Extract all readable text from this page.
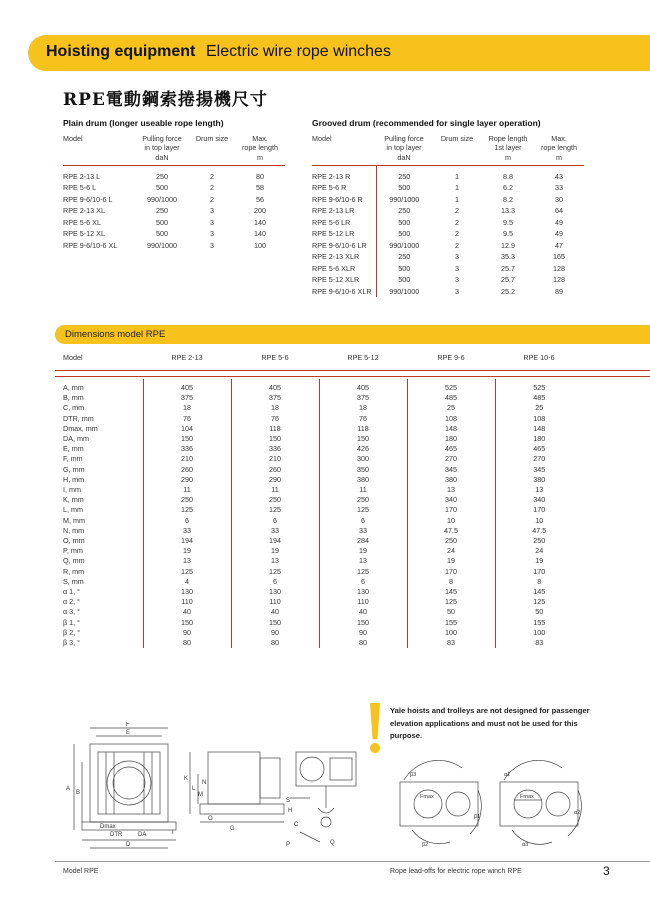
Hoisting equipment Electric wire rope winches
RPE電動鋼索捲揚機尺寸
Plain drum (longer useable rope length)
Model	Pulling force
in top layer
daN	Drum size	Max.
rope length
m
RPE 2-13 L	250	2	80
RPE 5-6 L	500	2	58
RPE 9-6/10-6 L	990/1000	2	56
RPE 2-13 XL	250	3	200
RPE 5-6 XL	500	3	140
RPE 5-12 XL	500	3	140
RPE 9-6/10-6 XL	990/1000	3	100
Grooved drum (recommended for single layer operation)
Model	Pulling force
in top layer
daN	Drum size	Rope length
1st layer
m	Max.
rope length
m
RPE 2-13 R	250	1	8.8	43
RPE 5-6 R	500	1	6.2	33
RPE 9-6/10-6 R	990/1000	1	8.2	30
RPE 2-13 LR	250	2	13.3	64
RPE 5-6 LR	500	2	9.5	49
RPE 5-12 LR	500	2	9.5	49
RPE 9-6/10-6 LR	990/1000	2	12.9	47
RPE 2-13 XLR	250	3	35.3	165
RPE 5-6 XLR	500	3	25.7	128
RPE 5-12 XLR	500	3	25.7	128
RPE 9-6/10-6 XLR	990/1000	3	25.2	89
Dimensions model RPE
Model	RPE 2-13	RPE 5-6	RPE 5-12	RPE 9-6	RPE 10-6
A, mm	405	405	405	525	525
B, mm	375	375	375	485	485
C, mm	18	18	18	25	25
DTR, mm	76	76	76	108	108
Dmax, mm	104	118	118	148	148
DA, mm	150	150	150	180	180
E, mm	336	336	426	465	465
F, mm	210	210	300	270	270
G, mm	260	260	350	345	345
H, mm	290	290	380	380	380
I, mm	11	11	11	13	13
K, mm	250	250	250	340	340
L, mm	125	125	125	170	170
M, mm	6	6	6	10	10
N, mm	33	33	33	47.5	47.5
O, mm	194	194	284	250	250
P, mm	19	19	19	24	24
Q, mm	13	13	13	19	19
R, mm	125	125	125	170	170
S, mm	4	6	6	8	8
α 1, °	130	130	130	145	145
α 2, °	110	110	110	125	125
α 3, °	40	40	40	50	50
β 1, °	150	150	150	155	155
β 2, °	90	90	90	100	100
β 3, °	80	80	80	83	83
Yale hoists and trolleys are not designed for passenger elevation applications and must not be used for this purpose.
F
E
A
B
K
L
M
N
G
O
S
H
P
C
Q
D
DTR	DA
Dmax
I
β3	α1
α2
α3
β1
β2
Fmax	Fmax
Model RPE	Rope lead-offs for electric rope winch RPE	3
